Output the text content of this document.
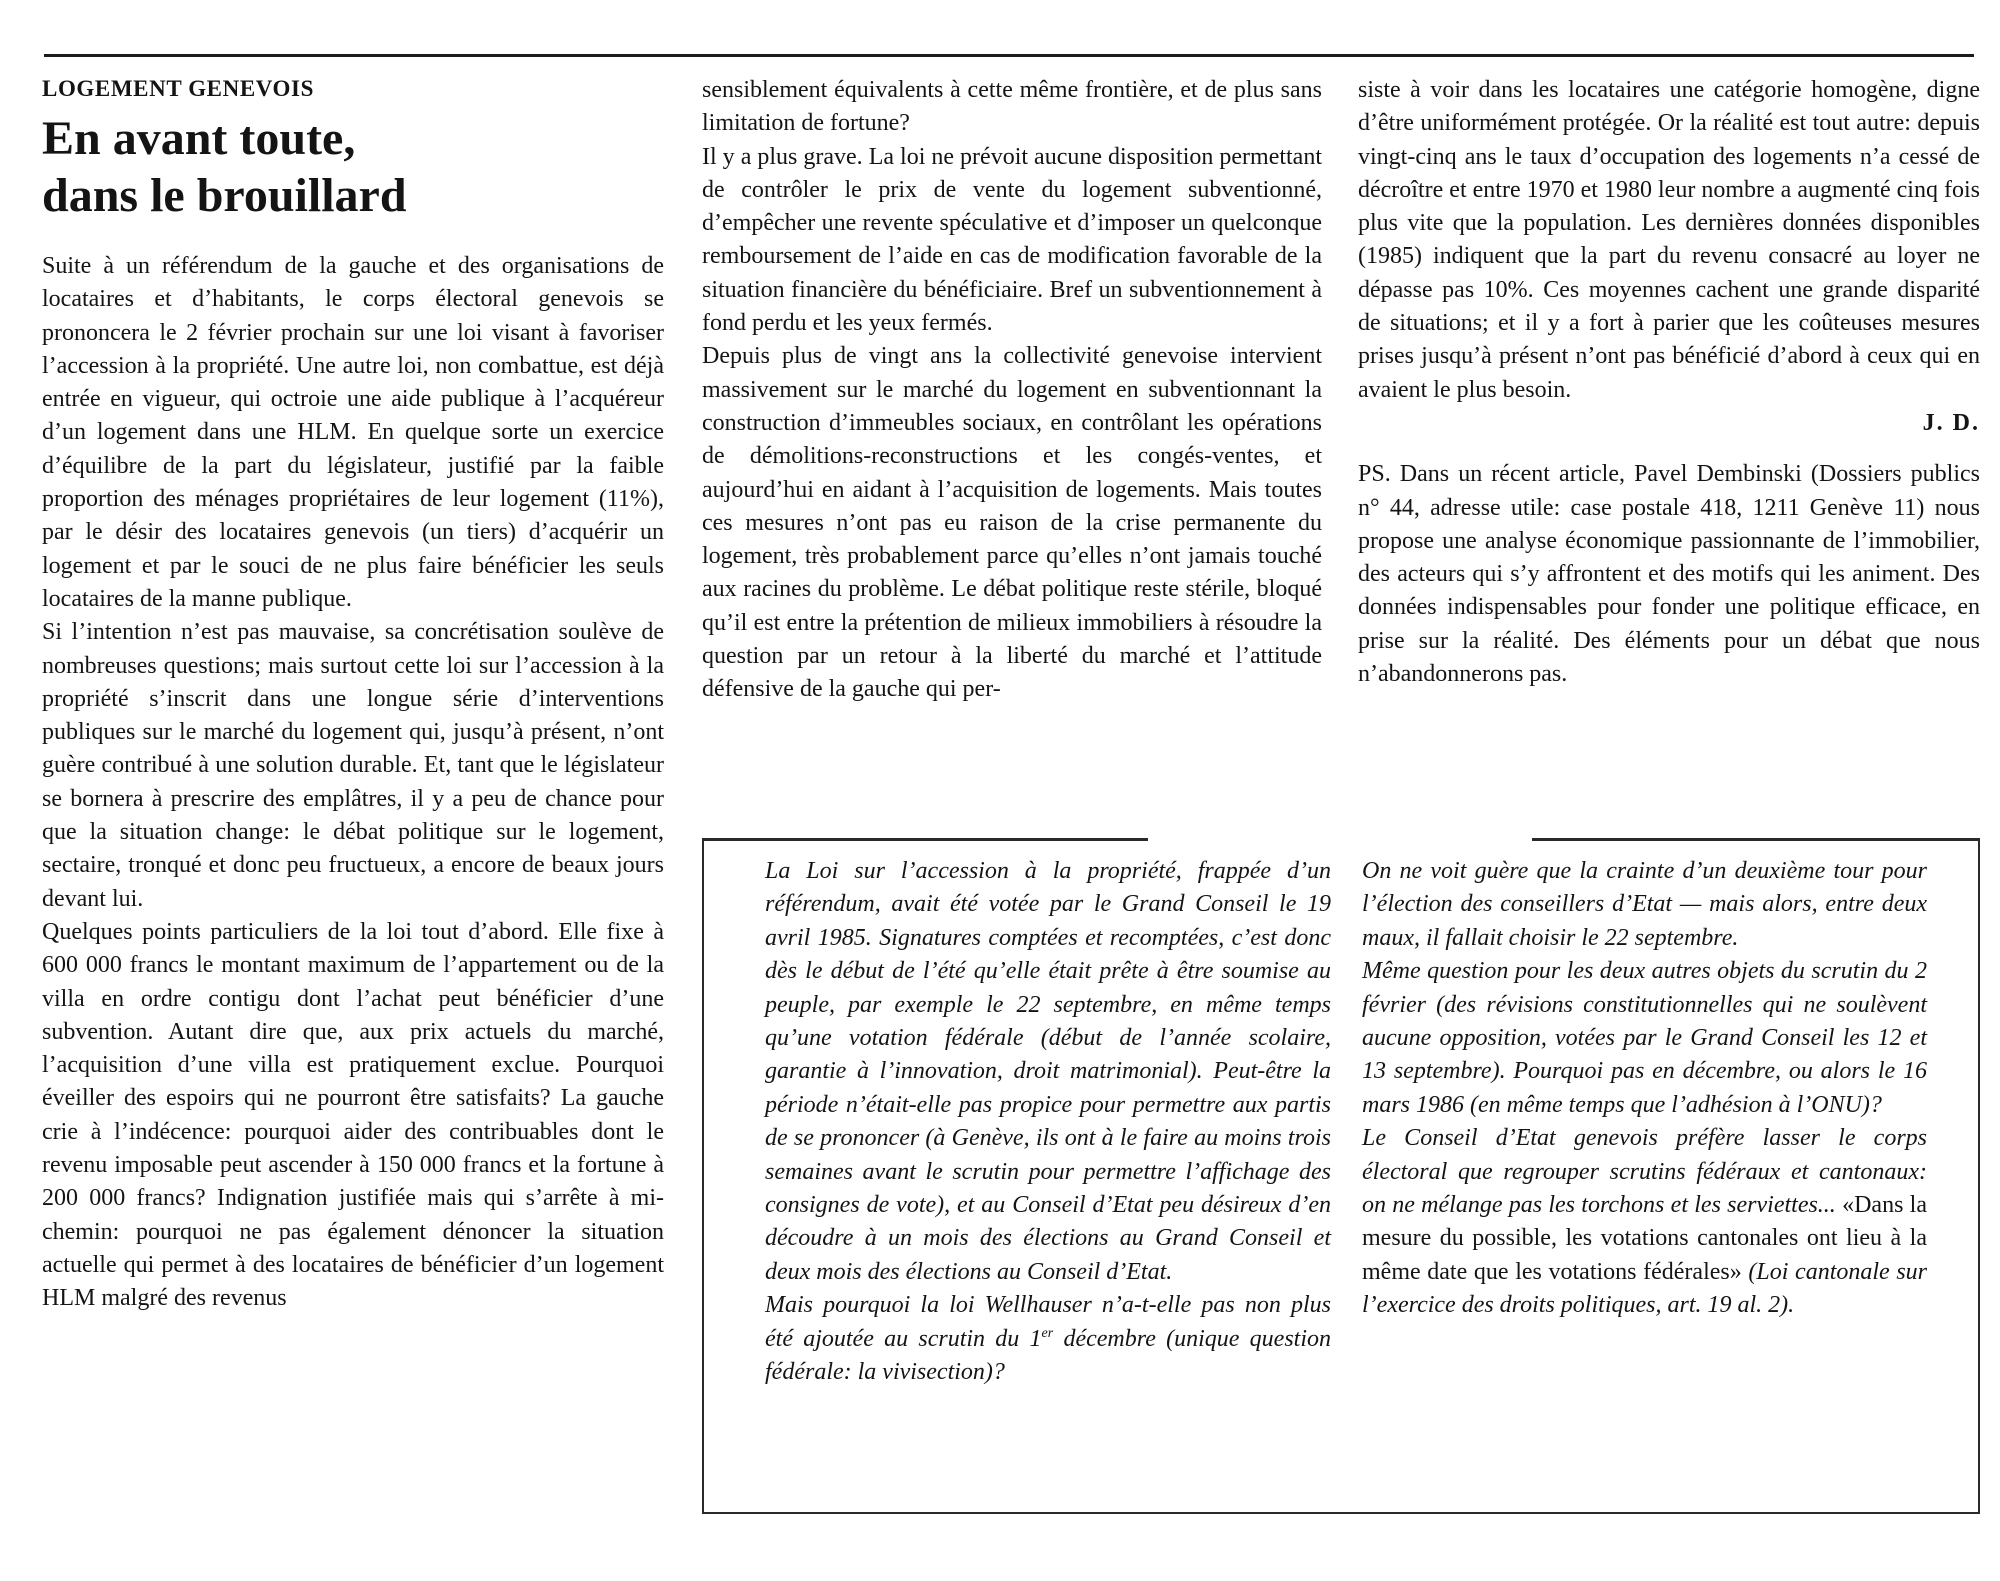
LOGEMENT GENEVOIS

En avant toute,
dans le brouillard

Suite à un référendum de la gauche et des organisations de locataires et d’habitants, le corps électoral genevois se prononcera le 2 février prochain sur une loi visant à favoriser l’accession à la propriété. Une autre loi, non combattue, est déjà entrée en vigueur, qui octroie une aide publique à l’acquéreur d’un logement dans une HLM. En quelque sorte un exercice d’équilibre de la part du législateur, justifié par la faible proportion des ménages propriétaires de leur logement (11%), par le désir des locataires genevois (un tiers) d’acquérir un logement et par le souci de ne plus faire bénéficier les seuls locataires de la manne publique.

Si l’intention n’est pas mauvaise, sa concrétisation soulève de nombreuses questions; mais surtout cette loi sur l’accession à la propriété s’inscrit dans une longue série d’interventions publiques sur le marché du logement qui, jusqu’à présent, n’ont guère contribué à une solution durable. Et, tant que le législateur se bornera à prescrire des emplâtres, il y a peu de chance pour que la situation change: le débat politique sur le logement, sectaire, tronqué et donc peu fructueux, a encore de beaux jours devant lui.

Quelques points particuliers de la loi tout d’abord. Elle fixe à 600 000 francs le montant maximum de l’appartement ou de la villa en ordre contigu dont l’achat peut bénéficier d’une subvention. Autant dire que, aux prix actuels du marché, l’acquisition d’une villa est pratiquement exclue. Pourquoi éveiller des espoirs qui ne pourront être satisfaits? La gauche crie à l’indécence: pourquoi aider des contribuables dont le revenu imposable peut ascender à 150 000 francs et la fortune à 200 000 francs? Indignation justifiée mais qui s’arrête à mi-chemin: pourquoi ne pas également dénoncer la situation actuelle qui permet à des locataires de bénéficier d’un logement HLM malgré des revenus

sensiblement équivalents à cette même frontière, et de plus sans limitation de fortune?

Il y a plus grave. La loi ne prévoit aucune disposition permettant de contrôler le prix de vente du logement subventionné, d’empêcher une revente spéculative et d’imposer un quelconque remboursement de l’aide en cas de modification favorable de la situation financière du bénéficiaire. Bref un subventionnement à fond perdu et les yeux fermés.

Depuis plus de vingt ans la collectivité genevoise intervient massivement sur le marché du logement en subventionnant la construction d’immeubles sociaux, en contrôlant les opérations de démolitions-reconstructions et les congés-ventes, et aujourd’hui en aidant à l’acquisition de logements. Mais toutes ces mesures n’ont pas eu raison de la crise permanente du logement, très probablement parce qu’elles n’ont jamais touché aux racines du problème. Le débat politique reste stérile, bloqué qu’il est entre la prétention de milieux immobiliers à résoudre la question par un retour à la liberté du marché et l’attitude défensive de la gauche qui per-

siste à voir dans les locataires une catégorie homogène, digne d’être uniformément protégée. Or la réalité est tout autre: depuis vingt-cinq ans le taux d’occupation des logements n’a cessé de décroître et entre 1970 et 1980 leur nombre a augmenté cinq fois plus vite que la population. Les dernières données disponibles (1985) indiquent que la part du revenu consacré au loyer ne dépasse pas 10%. Ces moyennes cachent une grande disparité de situations; et il y a fort à parier que les coûteuses mesures prises jusqu’à présent n’ont pas bénéficié d’abord à ceux qui en avaient le plus besoin.

J. D.

PS. Dans un récent article, Pavel Dembinski (Dossiers publics n° 44, adresse utile: case postale 418, 1211 Genève 11) nous propose une analyse économique passionnante de l’immobilier, des acteurs qui s’y affrontent et des motifs qui les animent. Des données indispensables pour fonder une politique efficace, en prise sur la réalité. Des éléments pour un débat que nous n’abandonnerons pas.

La Loi sur l’accession à la propriété, frappée d’un référendum, avait été votée par le Grand Conseil le 19 avril 1985. Signatures comptées et recomptées, c’est donc dès le début de l’été qu’elle était prête à être soumise au peuple, par exemple le 22 septembre, en même temps qu’une votation fédérale (début de l’année scolaire, garantie à l’innovation, droit matrimonial). Peut-être la période n’était-elle pas propice pour permettre aux partis de se prononcer (à Genève, ils ont à le faire au moins trois semaines avant le scrutin pour permettre l’affichage des consignes de vote), et au Conseil d’Etat peu désireux d’en découdre à un mois des élections au Grand Conseil et deux mois des élections au Conseil d’Etat.

Mais pourquoi la loi Wellhauser n’a-t-elle pas non plus été ajoutée au scrutin du 1er décembre (unique question fédérale: la vivisection)?

On ne voit guère que la crainte d’un deuxième tour pour l’élection des conseillers d’Etat — mais alors, entre deux maux, il fallait choisir le 22 septembre.

Même question pour les deux autres objets du scrutin du 2 février (des révisions constitutionnelles qui ne soulèvent aucune opposition, votées par le Grand Conseil les 12 et 13 septembre). Pourquoi pas en décembre, ou alors le 16 mars 1986 (en même temps que l’adhésion à l’ONU)?

Le Conseil d’Etat genevois préfère lasser le corps électoral que regrouper scrutins fédéraux et cantonaux: on ne mélange pas les torchons et les serviettes... «Dans la mesure du possible, les votations cantonales ont lieu à la même date que les votations fédérales» (Loi cantonale sur l’exercice des droits politiques, art. 19 al. 2).
